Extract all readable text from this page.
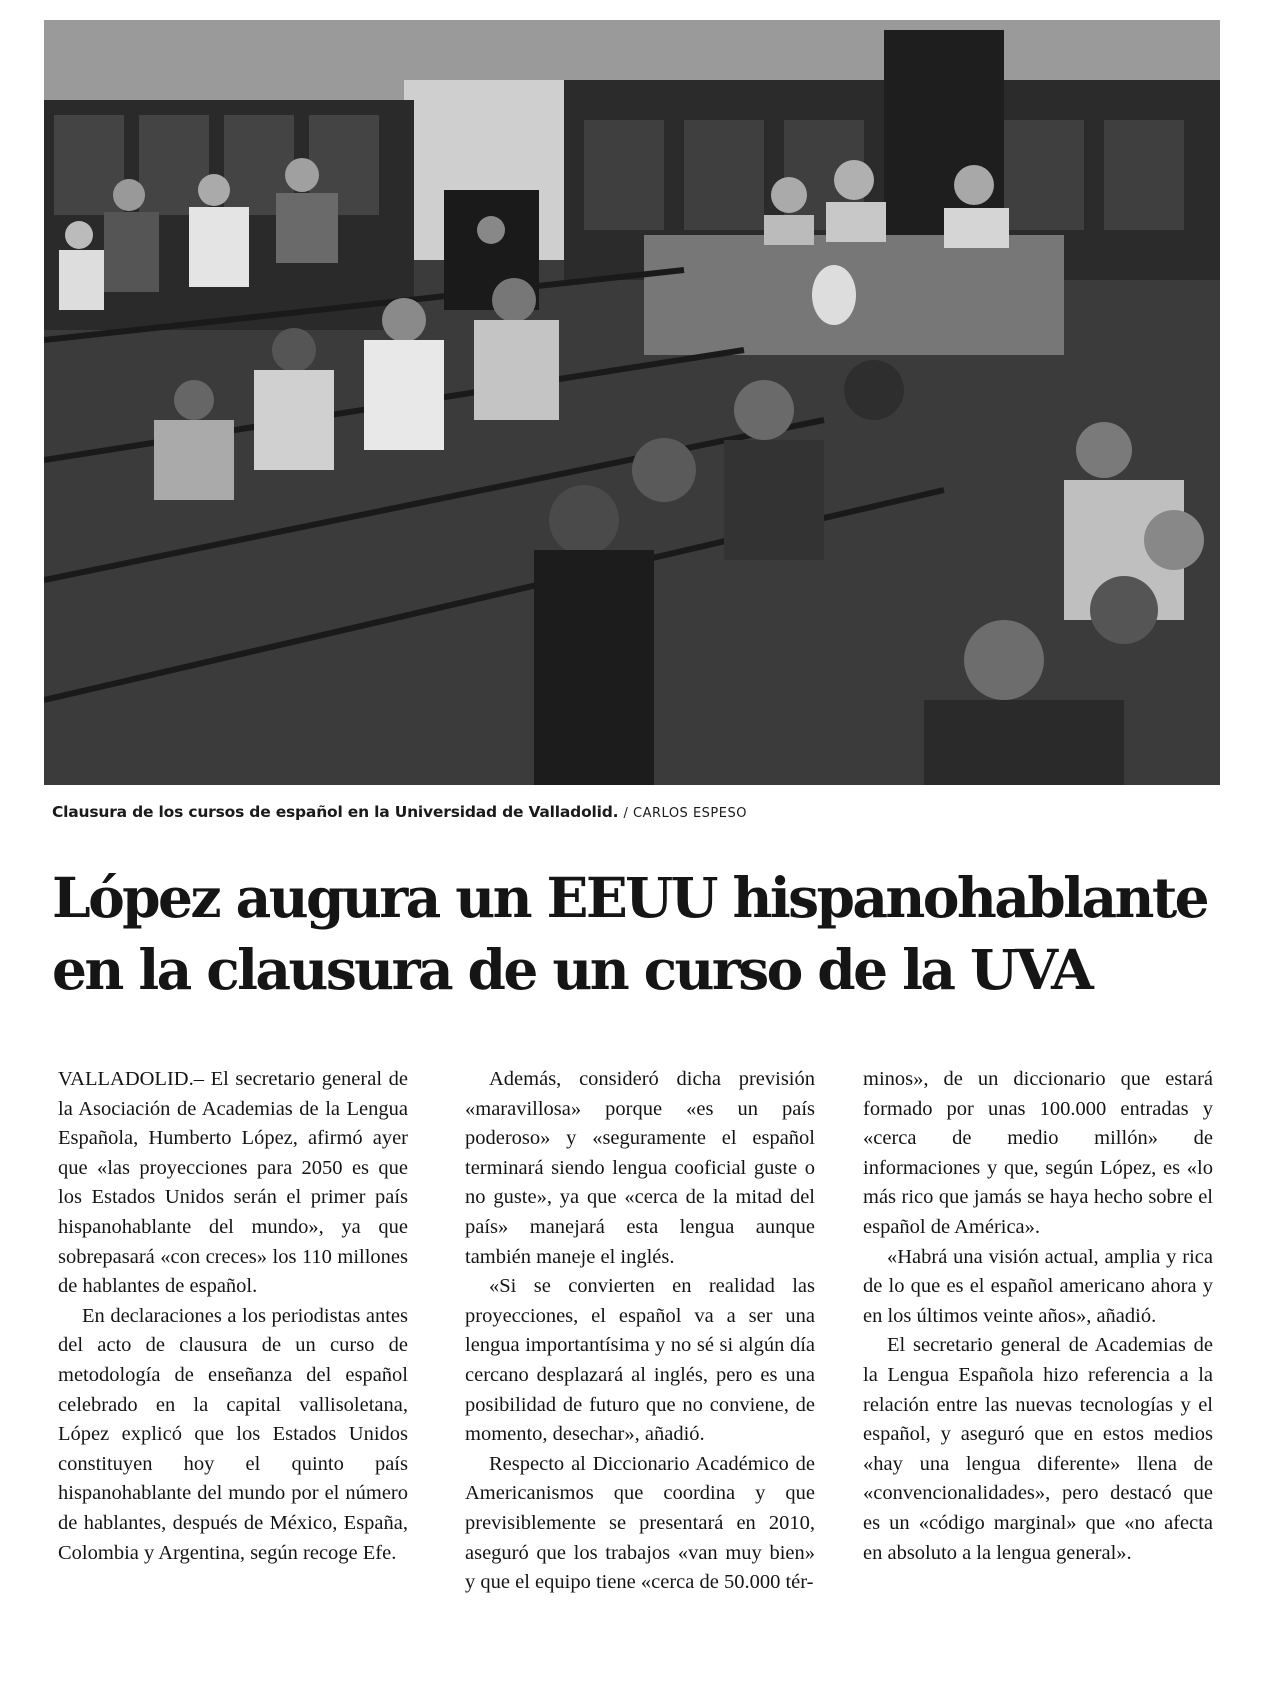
Clausura de los cursos de español en la Universidad de Valladolid. / CARLOS ESPESO
López augura un EEUU hispanohablante
en la clausura de un curso de la UVA

VALLADOLID.– El secretario general de la Asociación de Academias de la Lengua Española, Humberto López, afirmó ayer que «las proyecciones para 2050 es que los Estados Unidos serán el primer país hispanohablante del mundo», ya que sobrepasará «con creces» los 110 millones de hablantes de español.

En declaraciones a los periodistas antes del acto de clausura de un curso de metodología de enseñanza del español celebrado en la capital vallisoletana, López explicó que los Estados Unidos constituyen hoy el quinto país hispanohablante del mundo por el número de hablantes, después de México, España, Colombia y Argentina, según recoge Efe.

Además, consideró dicha previsión «maravillosa» porque «es un país poderoso» y «seguramente el español terminará siendo lengua cooficial guste o no guste», ya que «cerca de la mitad del país» manejará esta lengua aunque también maneje el inglés.

«Si se convierten en realidad las proyecciones, el español va a ser una lengua importantísima y no sé si algún día cercano desplazará al inglés, pero es una posibilidad de futuro que no conviene, de momento, desechar», añadió.

Respecto al Diccionario Académico de Americanismos que coordina y que previsiblemente se presentará en 2010, aseguró que los trabajos «van muy bien» y que el equipo tiene «cerca de 50.000 tér-

minos», de un diccionario que estará formado por unas 100.000 entradas y «cerca de medio millón» de informaciones y que, según López, es «lo más rico que jamás se haya hecho sobre el español de América».

«Habrá una visión actual, amplia y rica de lo que es el español americano ahora y en los últimos veinte años», añadió.

El secretario general de Academias de la Lengua Española hizo referencia a la relación entre las nuevas tecnologías y el español, y aseguró que en estos medios «hay una lengua diferente» llena de «convencionalidades», pero destacó que es un «código marginal» que «no afecta en absoluto a la lengua general».
